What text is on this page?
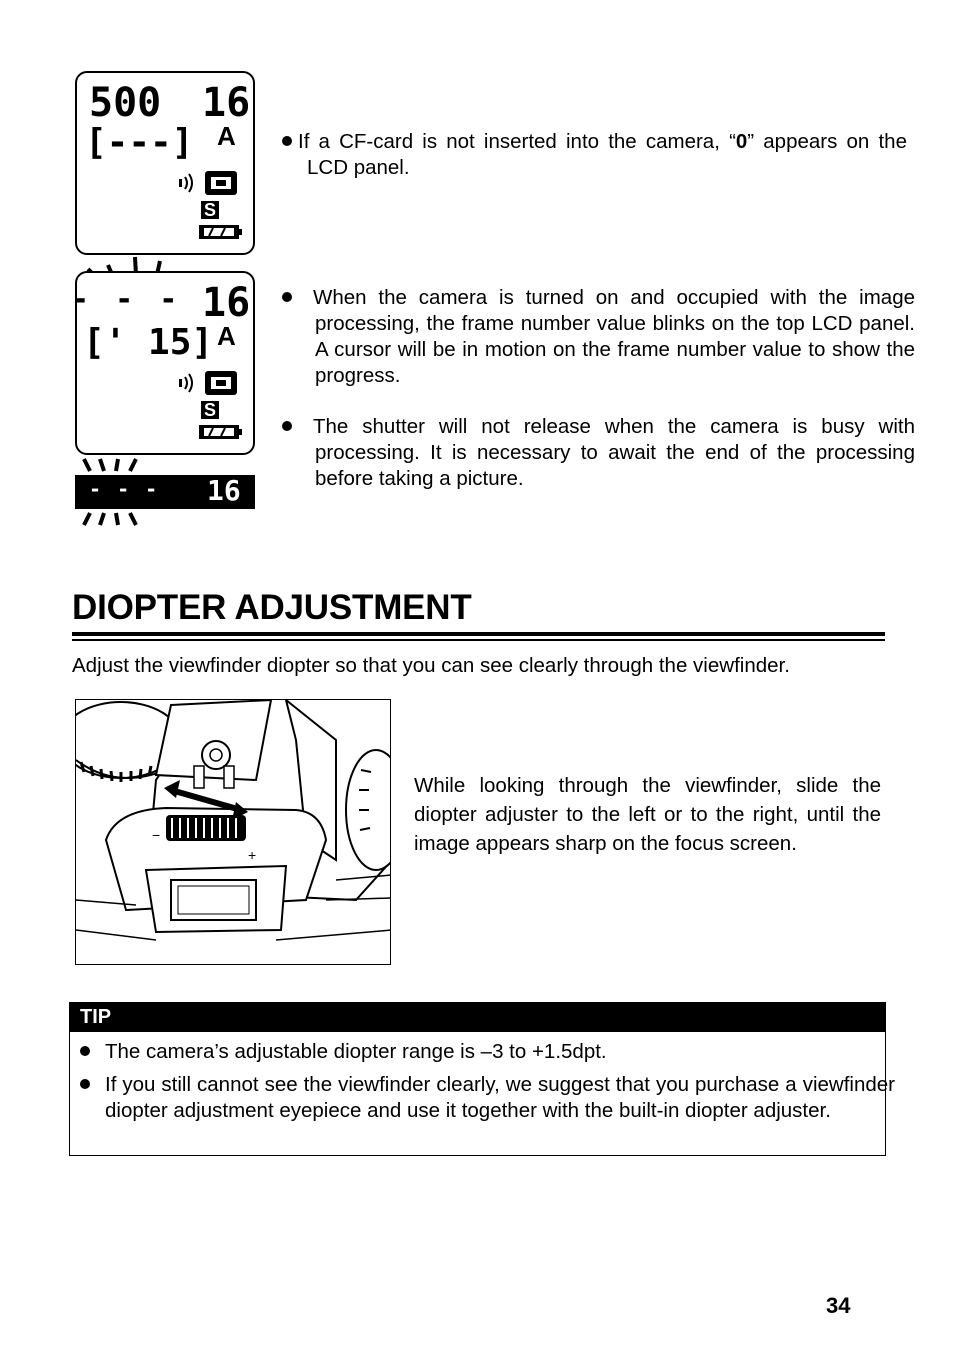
500 16
[---] A
S
- - - 16
[' 15] A
S
- - - 16
If a CF-card is not inserted into the camera, “0” appears on the LCD panel.
When the camera is turned on and occupied with the image processing, the frame number value blinks on the top LCD panel. A cursor will be in motion on the frame number value to show the progress.
The shutter will not release when the camera is busy with processing. It is necessary to await the end of the processing before taking a picture.
DIOPTER ADJUSTMENT
Adjust the viewfinder diopter so that you can see clearly through the viewfinder.
−
+
While looking through the viewfinder, slide the diopter adjuster to the left or to the right, until the image appears sharp on the focus screen.
TIP
The camera’s adjustable diopter range is –3 to +1.5dpt.
If you still cannot see the viewfinder clearly, we suggest that you purchase a viewfinder diopter adjustment eyepiece and use it together with the built-in diopter adjuster.
34
